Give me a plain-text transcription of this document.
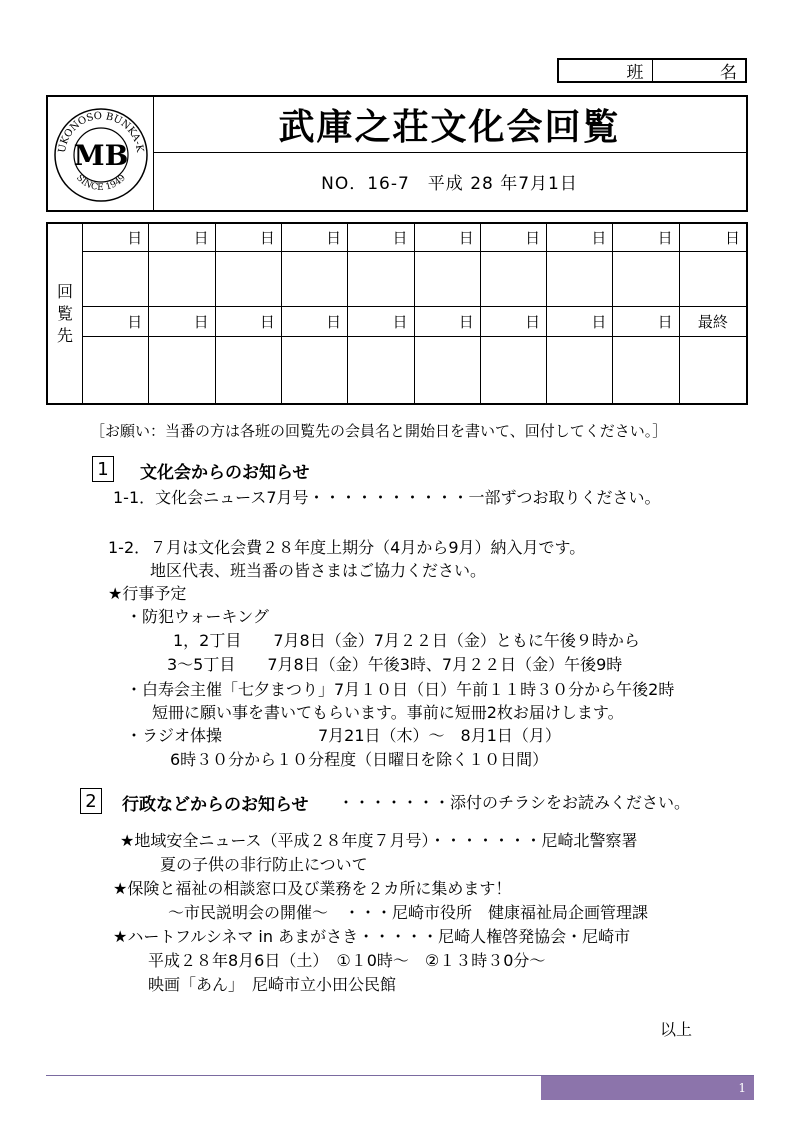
班	名
UKONOSO BUNKA-K
SINCE 1949
MB
武庫之荘文化会回覧
NO．16-7　平成 28 年7月1日
回
覧
先
日	日	日	日	日	日	日	日	日	日
日	日	日	日	日	日	日	日	日	最終
［お願い：当番の方は各班の回覧先の会員名と開始日を書いて、回付してください。］
1	文化会からのお知らせ
1-1．文化会ニュース7月号・・・・・・・・・・一部ずつお取りください。
1-2．７月は文化会費２８年度上期分（4月から9月）納入月です。
地区代表、班当番の皆さまはご協力ください。
★行事予定
・防犯ウォーキング
1，2丁目　　7月8日（金）7月２２日（金）ともに午後９時から
3～5丁目　　7月8日（金）午後3時、7月２２日（金）午後9時
・白寿会主催「七夕まつり」7月１０日（日）午前１１時３０分から午後2時
短冊に願い事を書いてもらいます。事前に短冊2枚お届けします。
・ラジオ体操　　　　　　7月21日（木）～　8月1日（月）
6時３０分から１０分程度（日曜日を除く１０日間）
2	行政などからのお知らせ ・・・・・・・添付のチラシをお読みください。
★地域安全ニュース（平成２８年度７月号）・・・・・・・尼崎北警察署
夏の子供の非行防止について
★保険と福祉の相談窓口及び業務を２カ所に集めます！
～市民説明会の開催～　・・・尼崎市役所　健康福祉局企画管理課
★ハートフルシネマ in あまがさき・・・・・尼崎人権啓発協会・尼崎市
平成２８年8月6日（土）　①１0時～　②１３時３0分～
映画「あん」　尼崎市立小田公民館
以上
1
